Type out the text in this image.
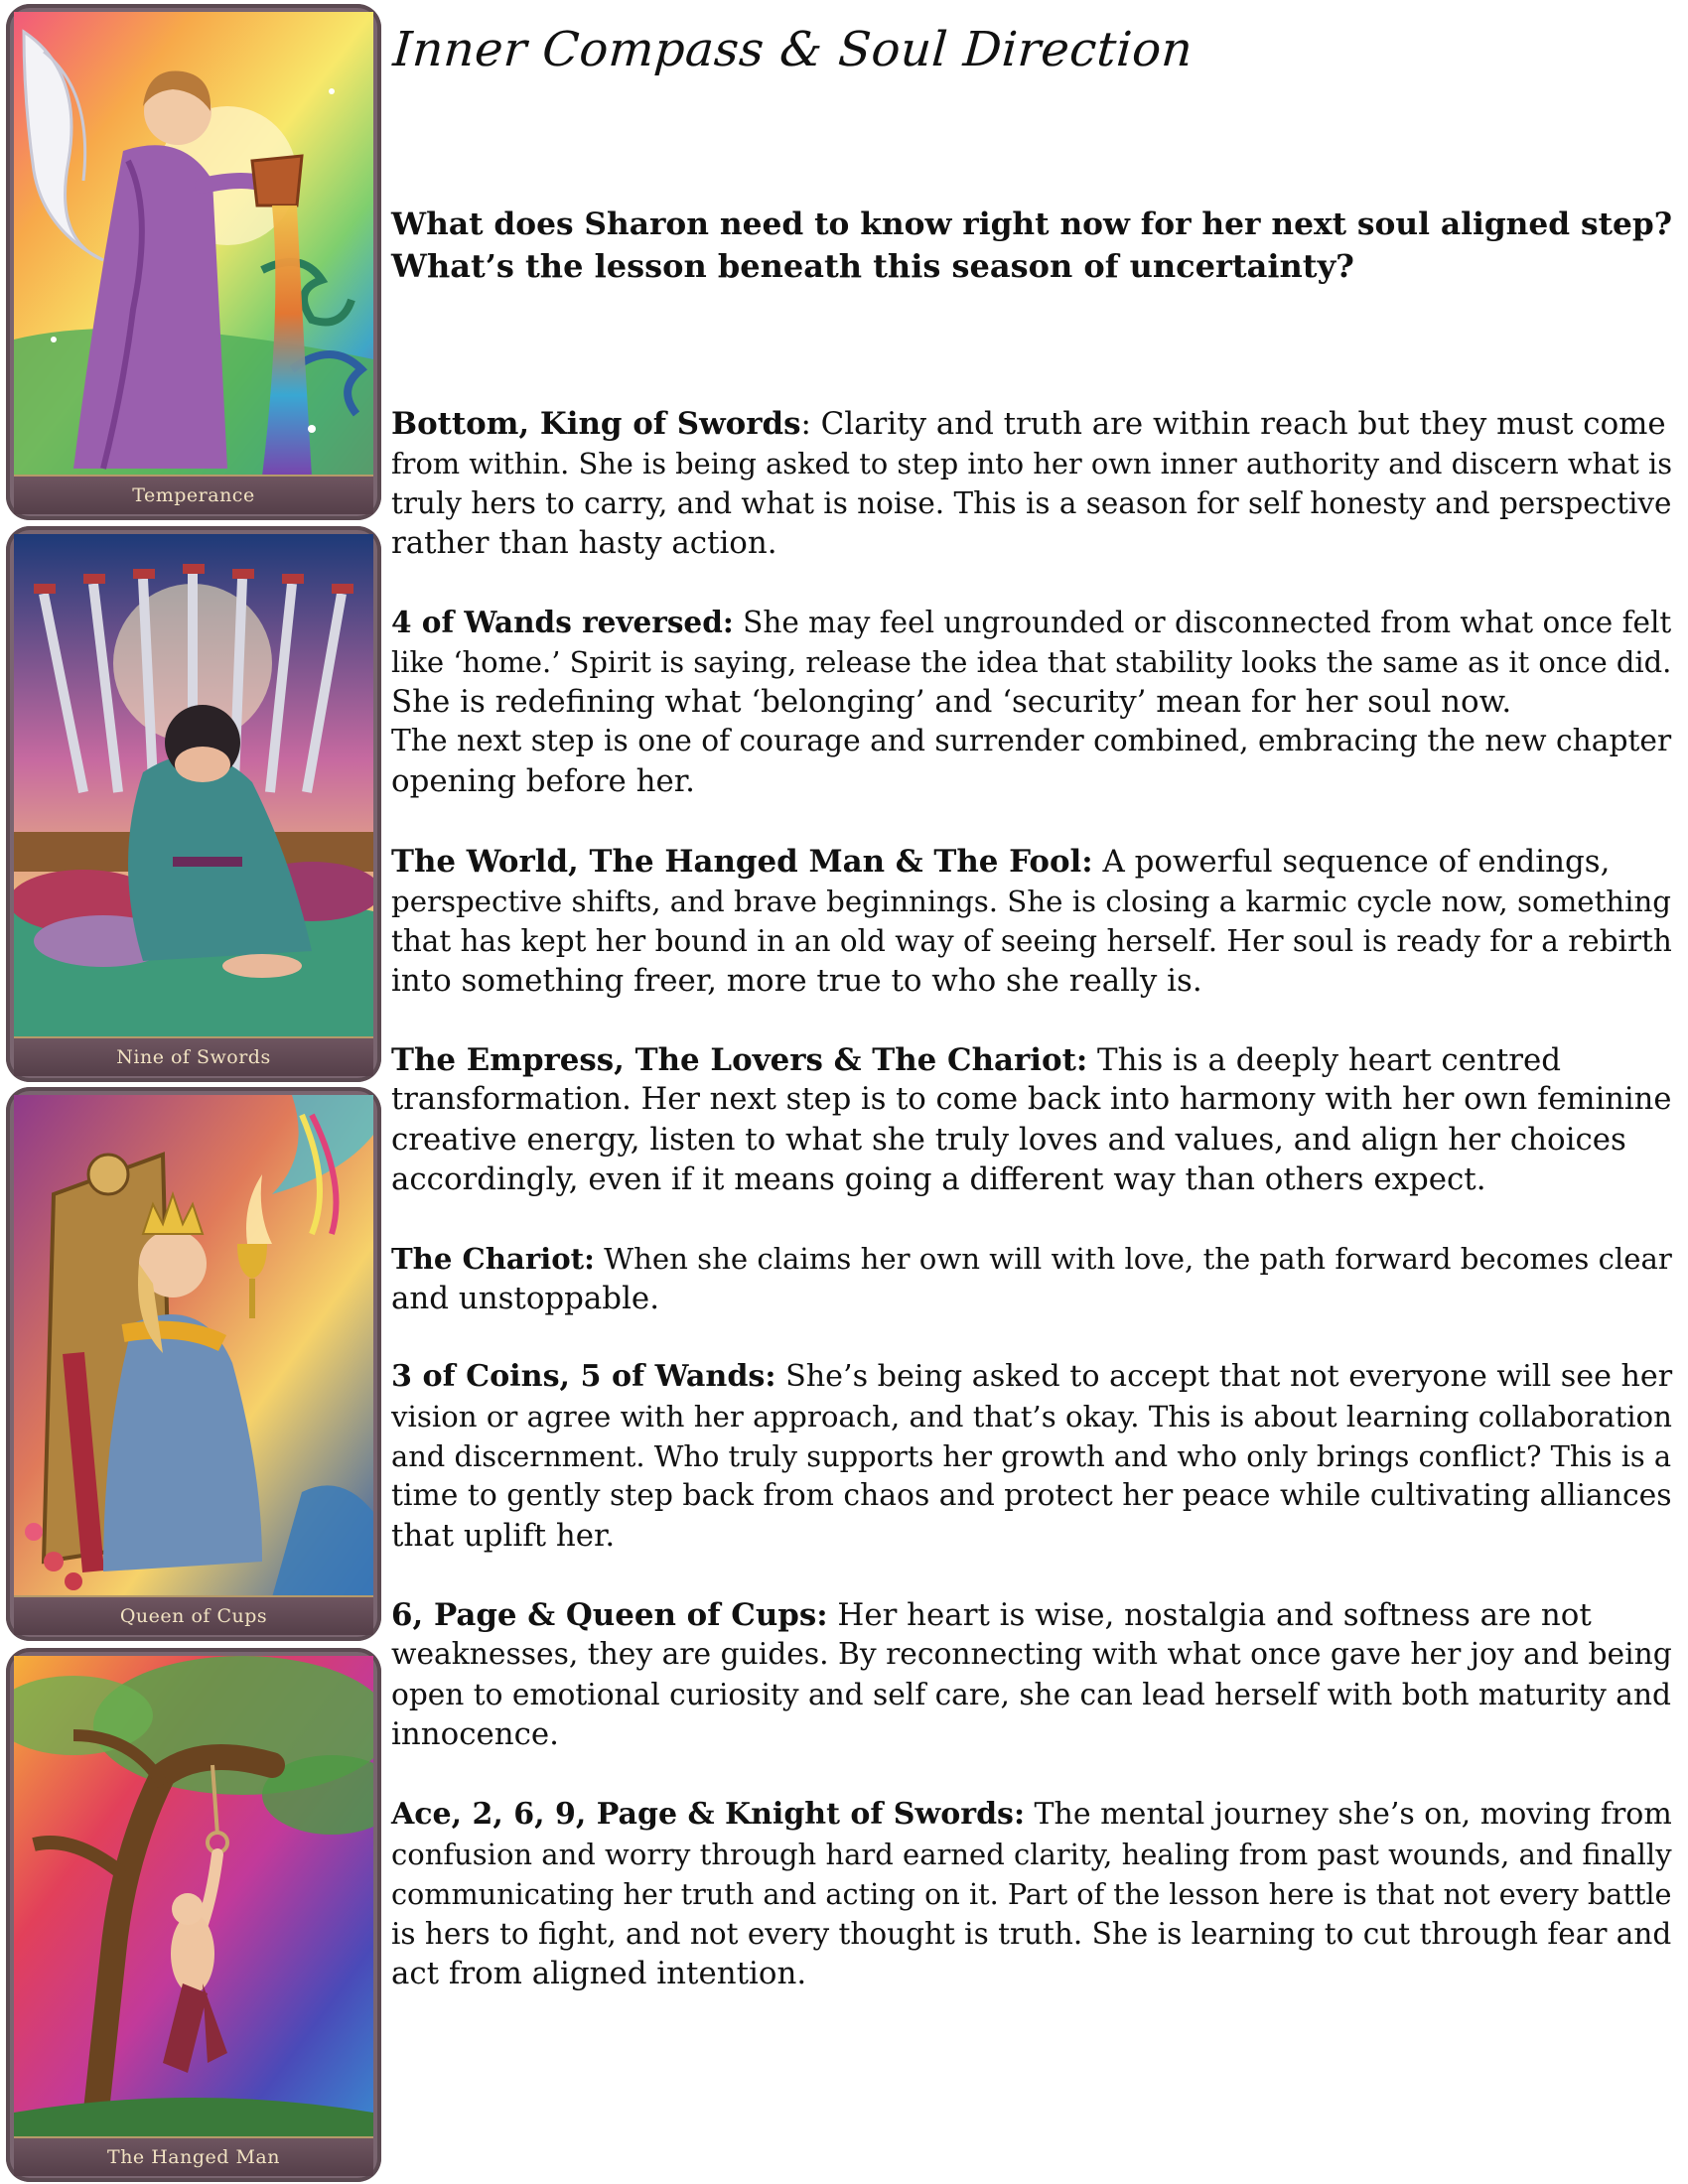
Temperance
Nine of Swords
Queen of Cups
The Hanged Man
Inner Compass & Soul Direction

What does Sharon need to know right now for her next soul aligned step?
What’s the lesson beneath this season of uncertainty?

Bottom, King of Swords: Clarity and truth are within reach but they must come
from within. She is being asked to step into her own inner authority and discern what is
truly hers to carry, and what is noise. This is a season for self honesty and perspective
rather than hasty action.

4 of Wands reversed: She may feel ungrounded or disconnected from what once felt
like ‘home.’ Spirit is saying, release the idea that stability looks the same as it once did.
She is redefining what ‘belonging’ and ‘security’ mean for her soul now.
The next step is one of courage and surrender combined, embracing the new chapter
opening before her.

The World, The Hanged Man & The Fool: A powerful sequence of endings,
perspective shifts, and brave beginnings. She is closing a karmic cycle now, something
that has kept her bound in an old way of seeing herself. Her soul is ready for a rebirth
into something freer, more true to who she really is.

The Empress, The Lovers & The Chariot: This is a deeply heart centred
transformation. Her next step is to come back into harmony with her own feminine
creative energy, listen to what she truly loves and values, and align her choices
accordingly, even if it means going a different way than others expect.

The Chariot: When she claims her own will with love, the path forward becomes clear
and unstoppable.

3 of Coins, 5 of Wands: She’s being asked to accept that not everyone will see her
vision or agree with her approach, and that’s okay. This is about learning collaboration
and discernment. Who truly supports her growth and who only brings conflict? This is a
time to gently step back from chaos and protect her peace while cultivating alliances
that uplift her.

6, Page & Queen of Cups: Her heart is wise, nostalgia and softness are not
weaknesses, they are guides. By reconnecting with what once gave her joy and being
open to emotional curiosity and self care, she can lead herself with both maturity and
innocence.

Ace, 2, 6, 9, Page & Knight of Swords: The mental journey she’s on, moving from
confusion and worry through hard earned clarity, healing from past wounds, and finally
communicating her truth and acting on it. Part of the lesson here is that not every battle
is hers to fight, and not every thought is truth. She is learning to cut through fear and
act from aligned intention.
